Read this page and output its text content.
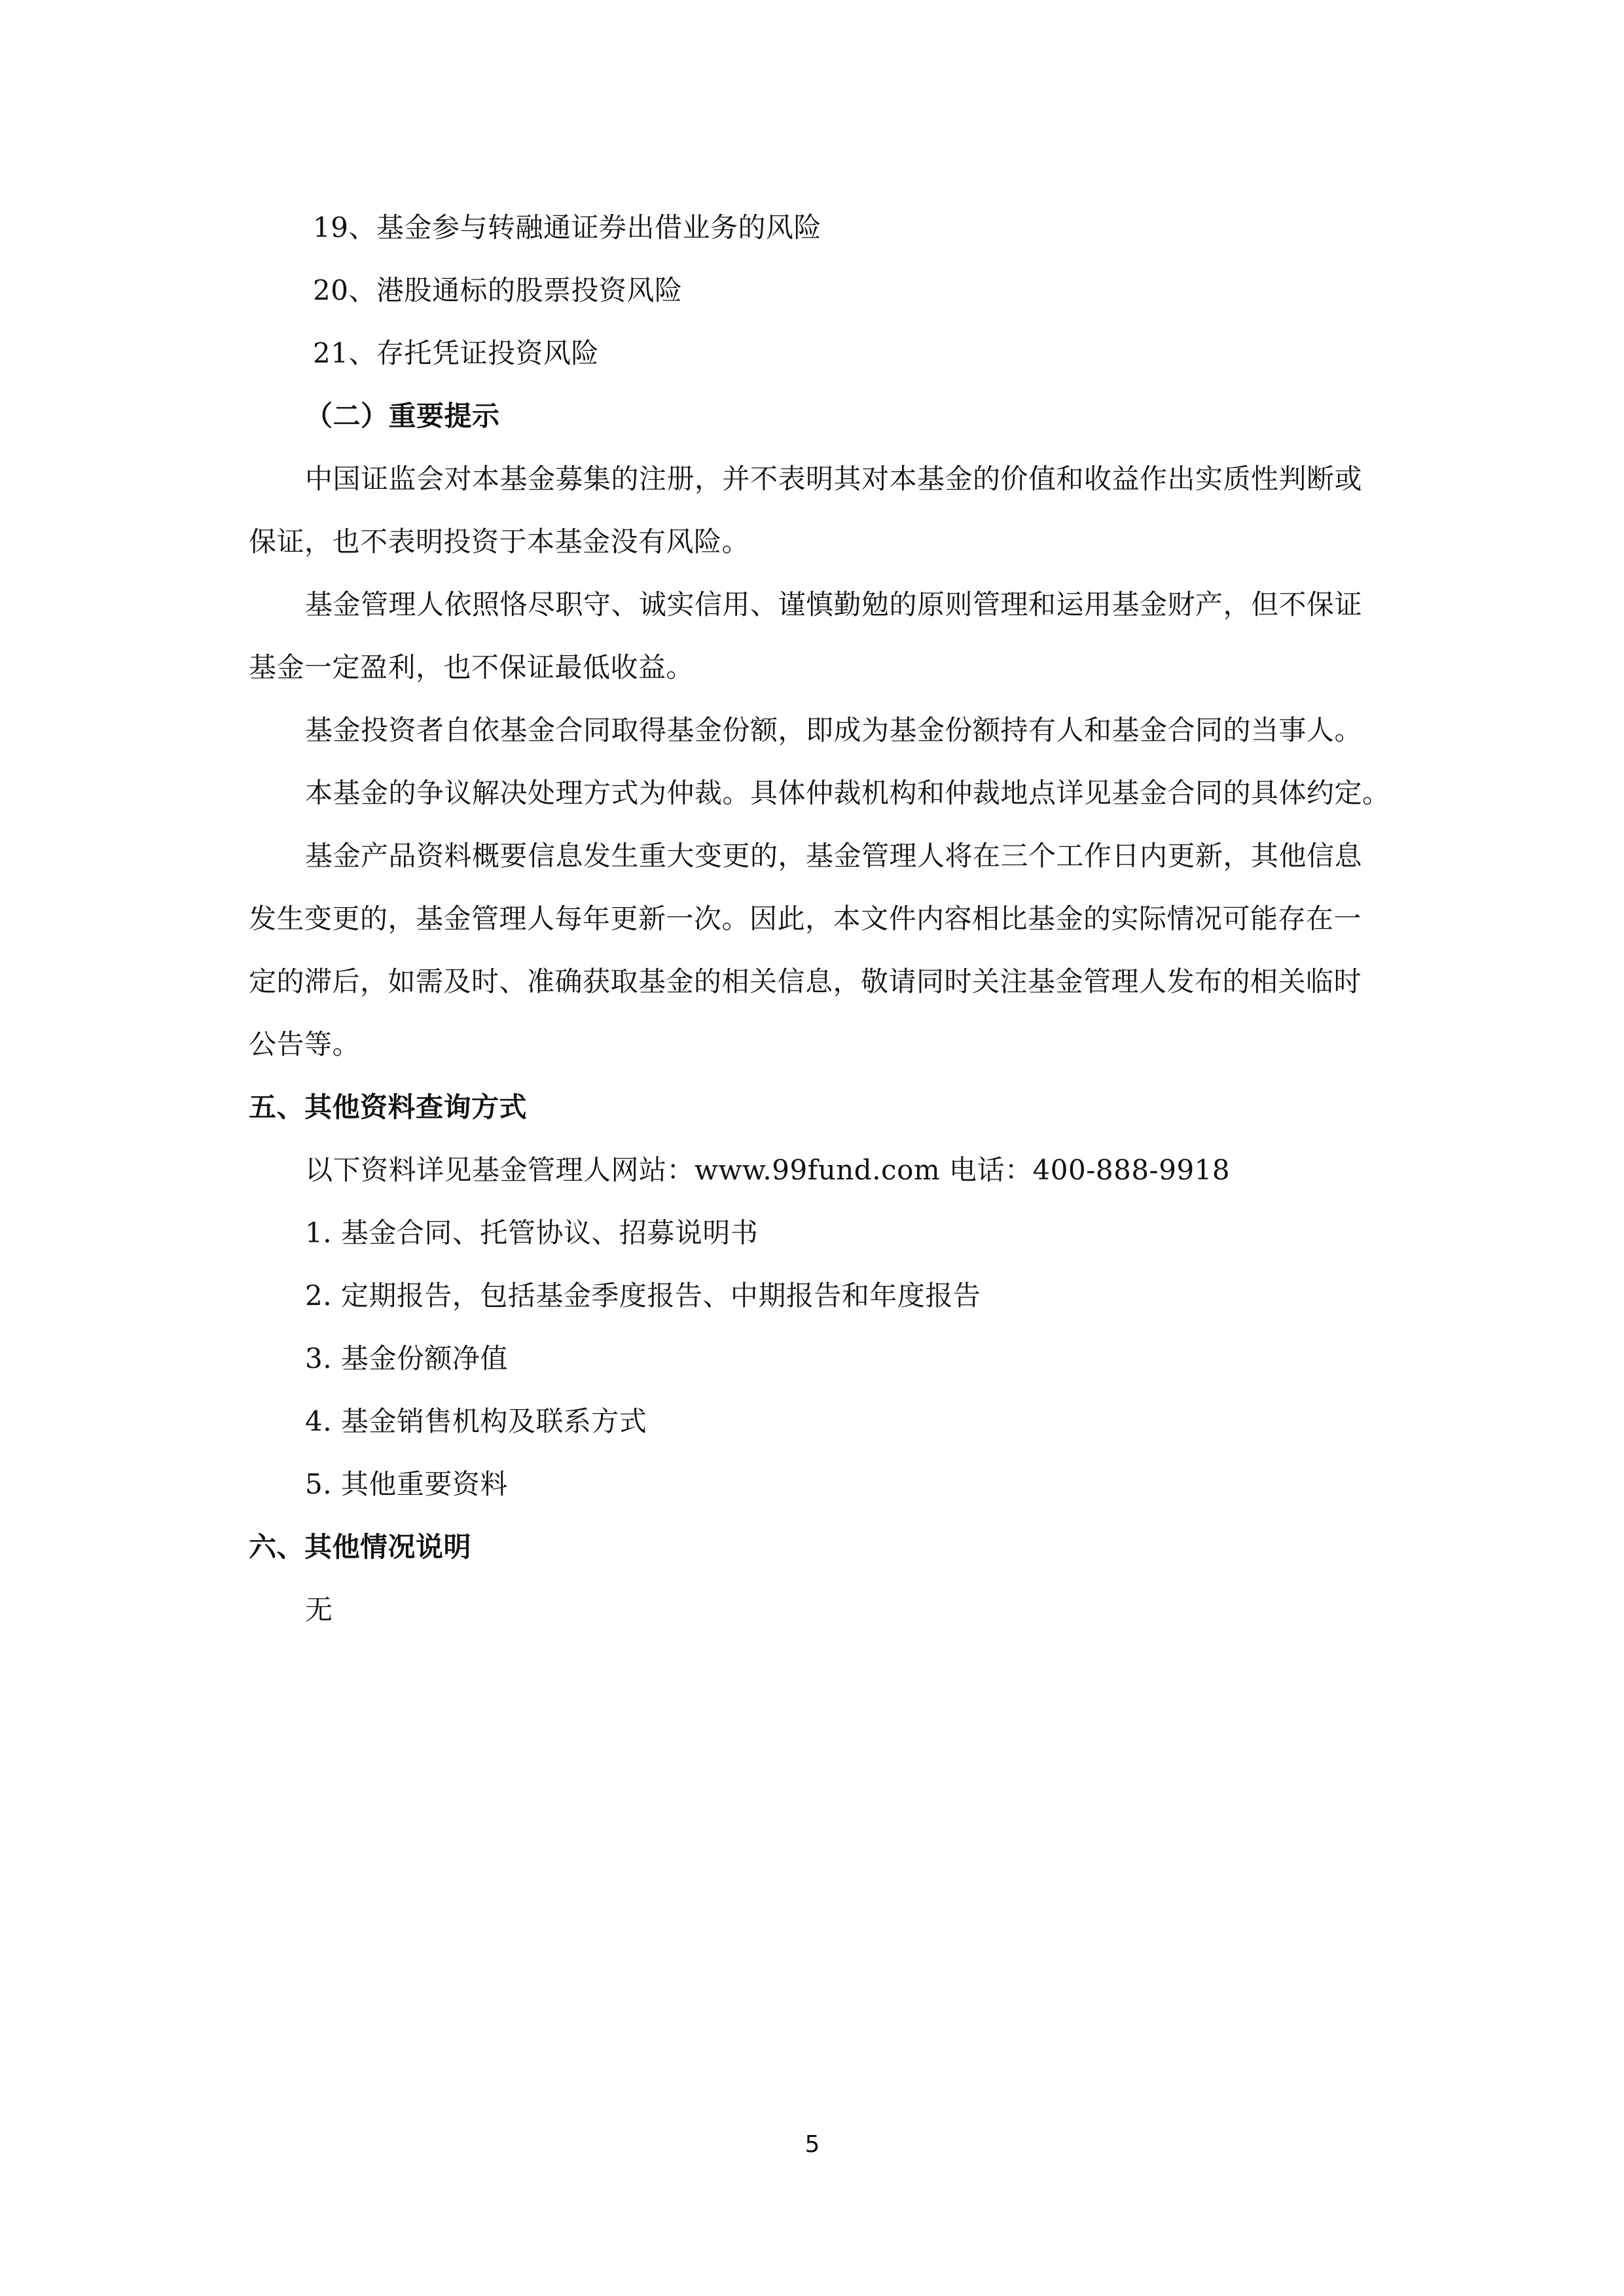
19、基金参与转融通证券出借业务的风险
20、港股通标的股票投资风险
21、存托凭证投资风险
（二）重要提示
中国证监会对本基金募集的注册，并不表明其对本基金的价值和收益作出实质性判断或
保证，也不表明投资于本基金没有风险。
基金管理人依照恪尽职守、诚实信用、谨慎勤勉的原则管理和运用基金财产，但不保证
基金一定盈利，也不保证最低收益。
基金投资者自依基金合同取得基金份额，即成为基金份额持有人和基金合同的当事人。
本基金的争议解决处理方式为仲裁。具体仲裁机构和仲裁地点详见基金合同的具体约定。
基金产品资料概要信息发生重大变更的，基金管理人将在三个工作日内更新，其他信息
发生变更的，基金管理人每年更新一次。因此，本文件内容相比基金的实际情况可能存在一
定的滞后，如需及时、准确获取基金的相关信息，敬请同时关注基金管理人发布的相关临时
公告等。
五、其他资料查询方式
以下资料详见基金管理人网站：www.99fund.com 电话：400-888-9918
1. 基金合同、托管协议、招募说明书
2. 定期报告，包括基金季度报告、中期报告和年度报告
3. 基金份额净值
4. 基金销售机构及联系方式
5. 其他重要资料
六、其他情况说明
无
5
